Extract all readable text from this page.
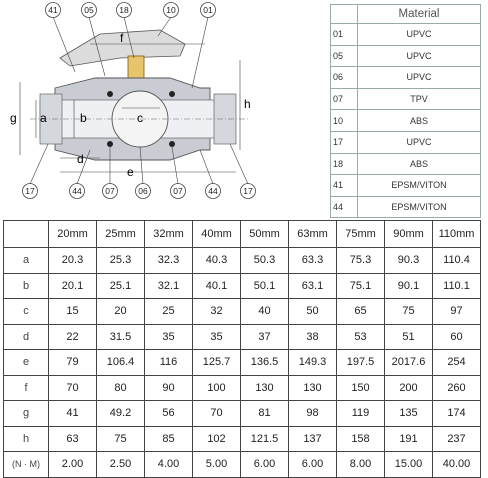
g a	b	c
d
e
f
h
41	05	18	10	01
17	44	07	06	07	44	17
	Material
01	UPVC
05	UPVC
06	UPVC
07	TPV
10	ABS
17	UPVC
18	ABS
41	EPSM/VITON
44	EPSM/VITON
	20mm	25mm	32mm	40mm	50mm	63mm	75mm	90mm	110mm
a	20.3	25.3	32.3	40.3	50.3	63.3	75.3	90.3	110.4
b	20.1	25.1	32.1	40.1	50.1	63.1	75.1	90.1	110.1
c	15	20	25	32	40	50	65	75	97
d	22	31.5	35	35	37	38	53	51	60
e	79	106.4	116	125.7	136.5	149.3	197.5	2017.6	254
f	70	80	90	100	130	130	150	200	260
g	41	49.2	56	70	81	98	119	135	174
h	63	75	85	102	121.5	137	158	191	237
(N · M)	2.00	2.50	4.00	5.00	6.00	6.00	8.00	15.00	40.00
